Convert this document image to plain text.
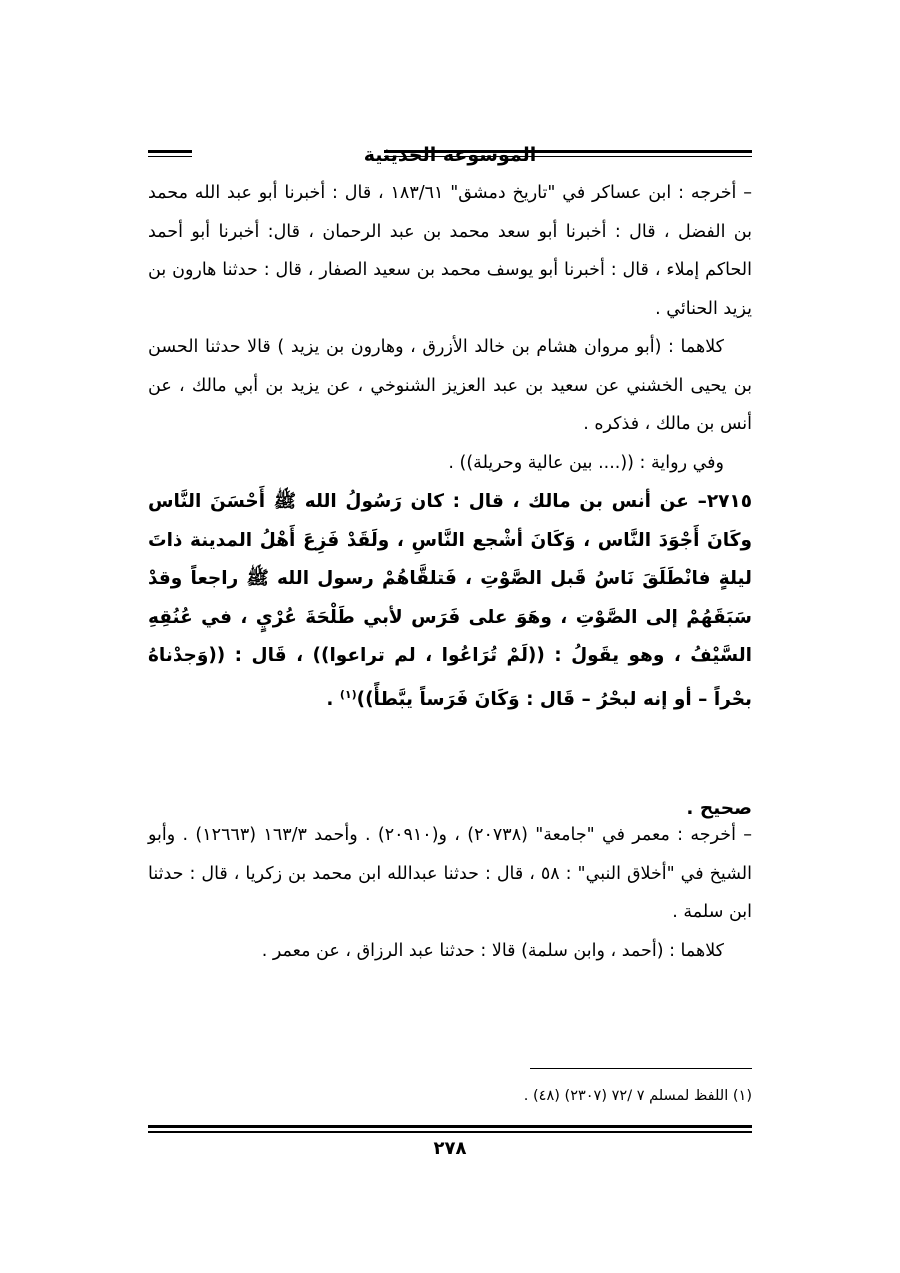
الموسوعة الحديثية

– أخرجه : ابن عساكر في "تاريخ دمشق" ١٨٣/٦١ ، قال : أخبرنا أبو عبد الله محمد بن الفضل ، قال : أخبرنا أبو سعد محمد بن عبد الرحمان ، قال: أخبرنا أبو أحمد الحاكم إملاء ، قال : أخبرنا أبو يوسف محمد بن سعيد الصفار ، قال : حدثنا هارون بن يزيد الحنائي .

كلاهما : (أبو مروان هشام بن خالد الأزرق ، وهارون بن يزيد ) قالا حدثنا الحسن بن يحيى الخشني عن سعيد بن عبد العزيز الشنوخي ، عن يزيد بن أبي مالك ، عن أنس بن مالك ، فذكره .

وفي رواية : ((.... بين عالية وحريلة)) .

٢٧١٥– عن أنس بن مالك ، قال : كان رَسُولُ الله ﷺ أَحْسَنَ النَّاس وكَانَ أَجْوَدَ النَّاس ، وَكَانَ أشْجع النَّاسِ ، ولَقَدْ فَزِعَ أَهْلُ المدينة ذاتَ ليلةٍ فانْطَلَقَ نَاسُ قَبل الصَّوْتِ ، فَتلقَّاهُمْ رسول الله ﷺ راجعاً وقدْ سَبَقَهُمْ إلى الصَّوْتِ ، وهَوَ على فَرَس لأبي طَلْحَةَ عُرْيٍ ، في عُنُقِهِ السَّيْفُ ، وهو يقَولُ : ((لَمْ تُرَاعُوا ، لم تراعوا)) ، قَال : ((وَجدْناهُ بحْراً – أو إنه لبحْرُ – قَال : وَكَانَ فَرَساً يبَّطأً))$^{(١)}$ .

صحيح .

– أخرجه : معمر في "جامعة" (٢٠٧٣٨) ، و(٢٠٩١٠) . وأحمد ١٦٣/٣ (١٢٦٦٣) . وأبو الشيخ في "أخلاق النبي" : ٥٨ ، قال : حدثنا عبدالله ابن محمد بن زكريا ، قال : حدثنا ابن سلمة .

كلاهما : (أحمد ، وابن سلمة) قالا : حدثنا عبد الرزاق ، عن معمر .

(١) اللفظ لمسلم ٧ /٧٢ (٢٣٠٧) (٤٨) .
٢٧٨
